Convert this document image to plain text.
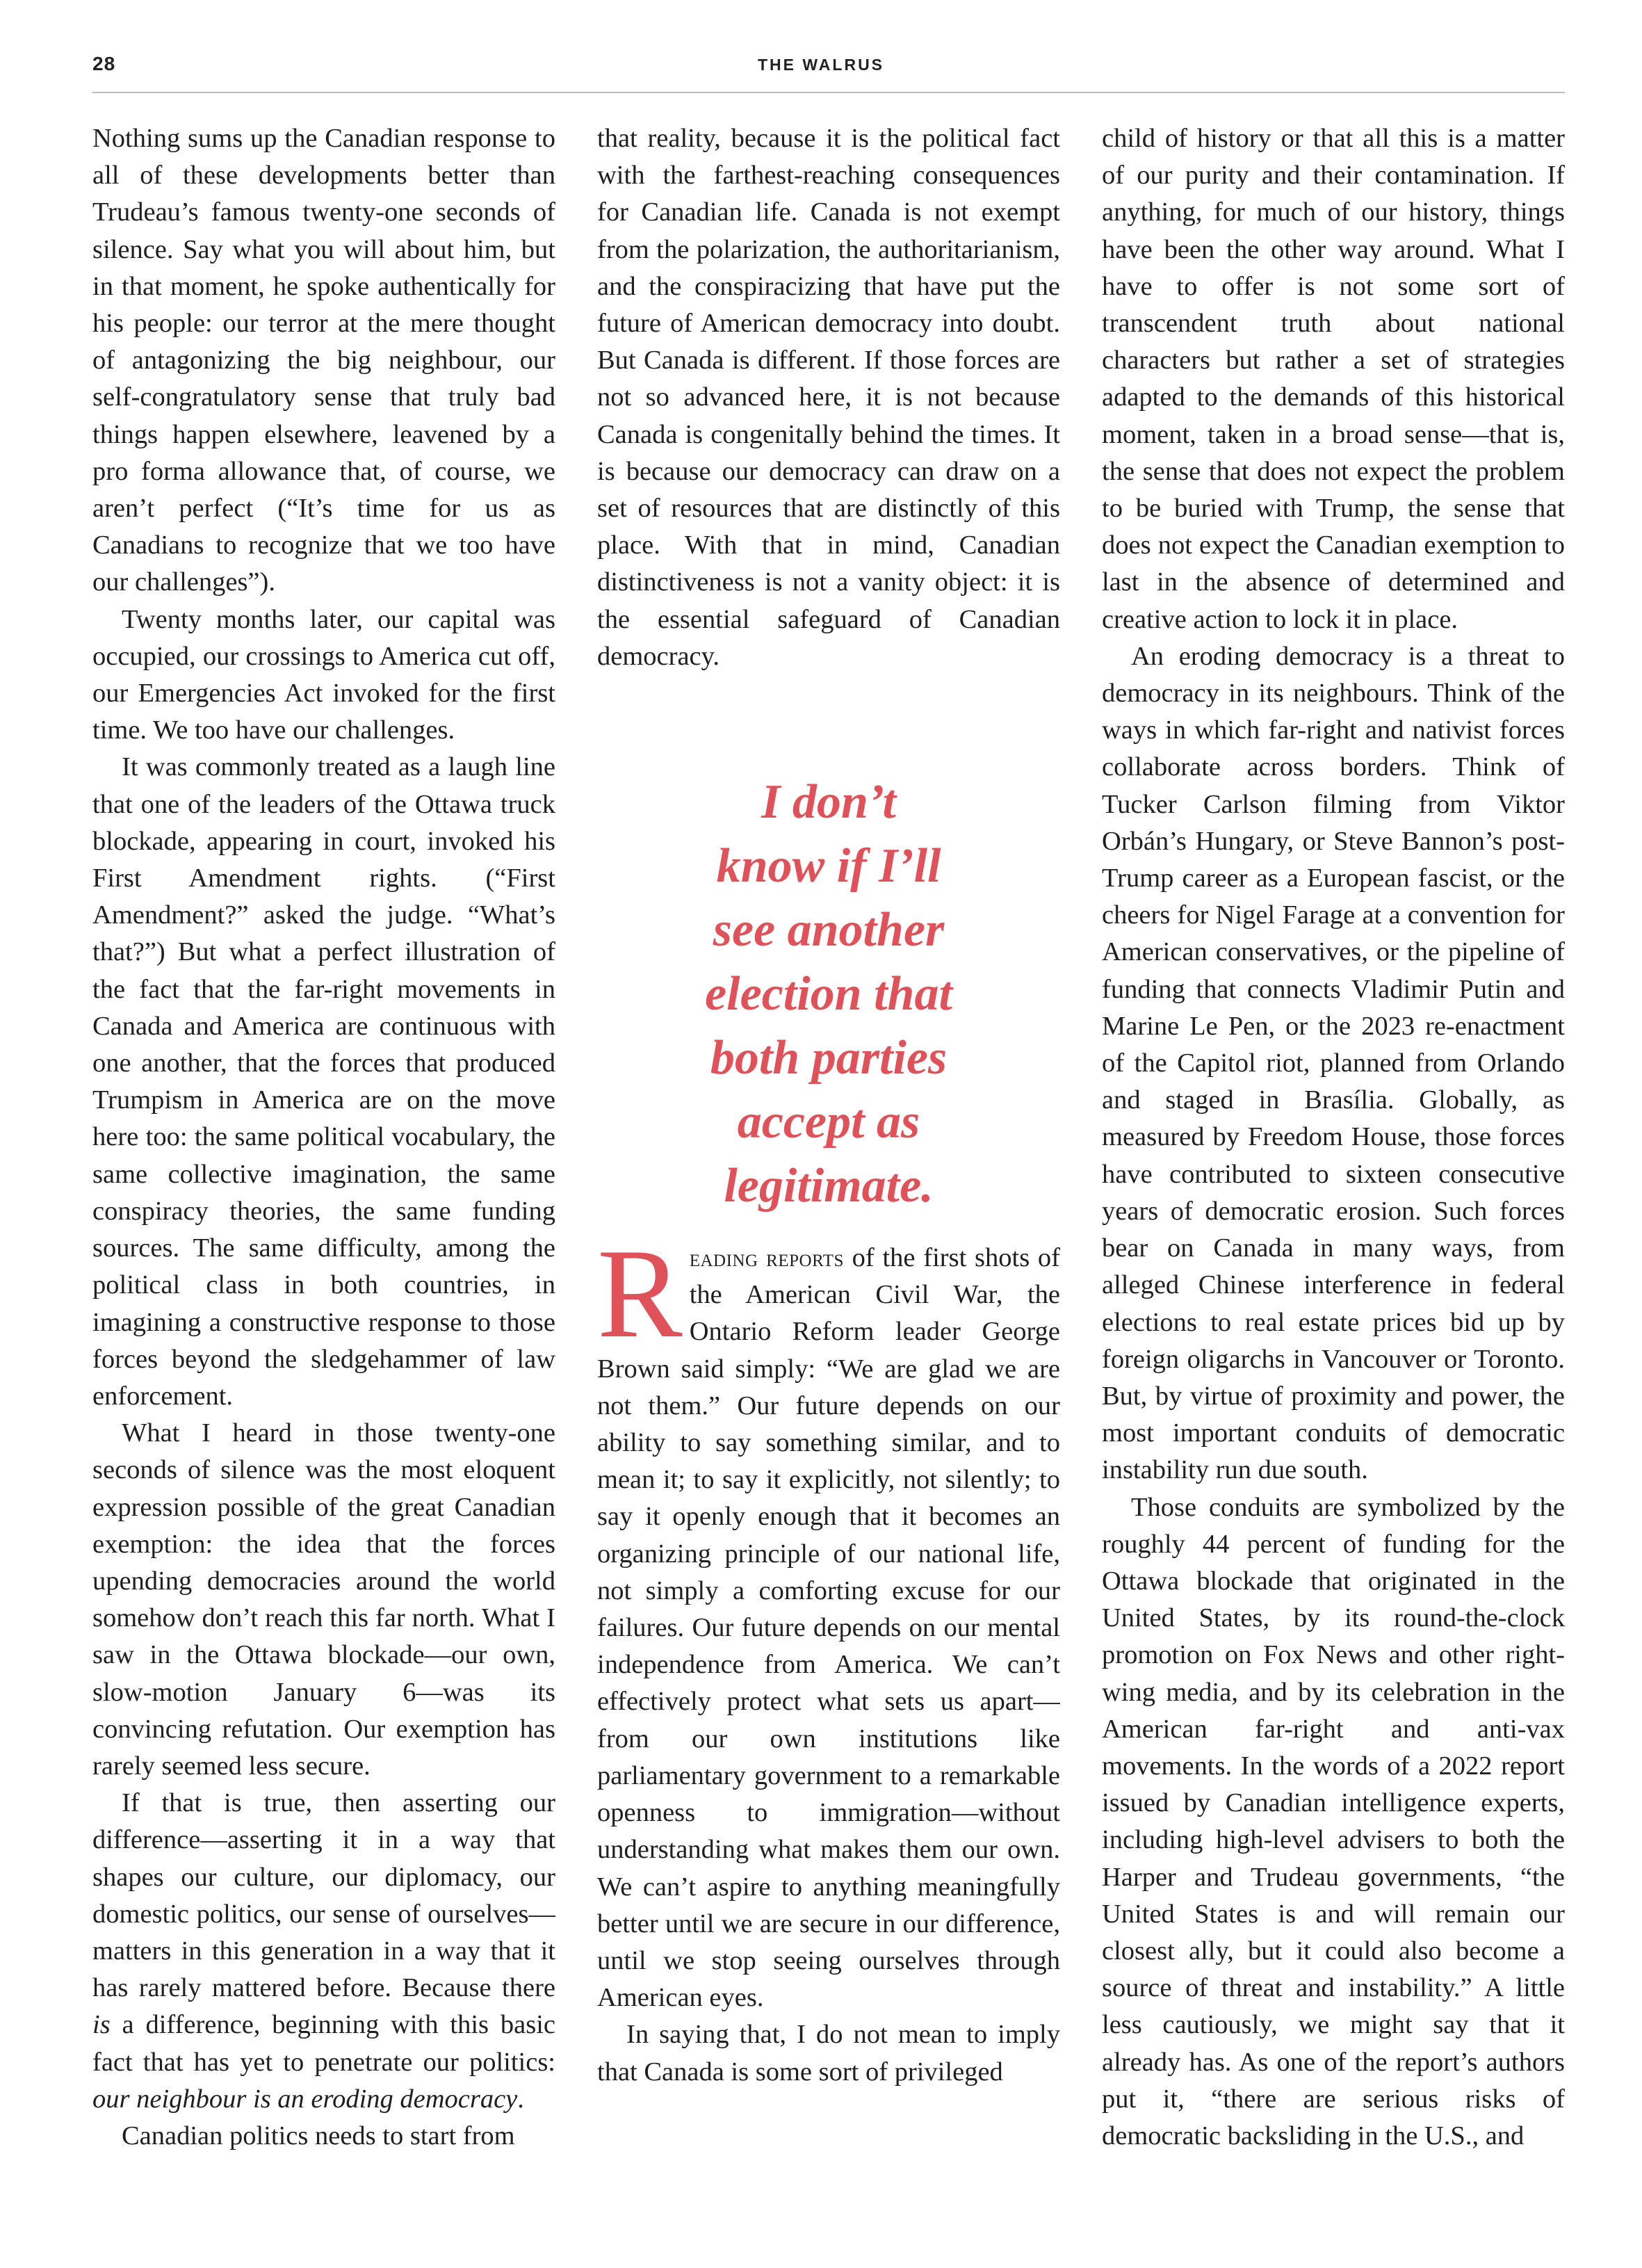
28	THE WALRUS

Nothing sums up the Canadian response to all of these developments better than Trudeau’s famous twenty-one seconds of silence. Say what you will about him, but in that moment, he spoke authentically for his people: our terror at the mere thought of antagonizing the big neighbour, our self-congratulatory sense that truly bad things happen elsewhere, leavened by a pro forma allowance that, of course, we aren’t perfect (“It’s time for us as Canadians to recognize that we too have our challenges”).

Twenty months later, our capital was occupied, our crossings to America cut off, our Emergencies Act invoked for the first time. We too have our challenges.

It was commonly treated as a laugh line that one of the leaders of the Ottawa truck blockade, appearing in court, invoked his First Amendment rights. (“First Amendment?” asked the judge. “What’s that?”) But what a perfect illustration of the fact that the far-right movements in Canada and America are continuous with one another, that the forces that produced Trumpism in America are on the move here too: the same political vocabulary, the same collective imagination, the same conspiracy theories, the same funding sources. The same difficulty, among the political class in both countries, in imagining a constructive response to those forces beyond the sledgehammer of law enforcement.

What I heard in those twenty-one seconds of silence was the most eloquent expression possible of the great Canadian exemption: the idea that the forces upending democracies around the world somehow don’t reach this far north. What I saw in the Ottawa blockade—our own, slow-motion January 6—was its convincing refutation. Our exemption has rarely seemed less secure.

If that is true, then asserting our difference—asserting it in a way that shapes our culture, our diplomacy, our domestic politics, our sense of ourselves—matters in this generation in a way that it has rarely mattered before. Because there is a difference, beginning with this basic fact that has yet to penetrate our politics: our neighbour is an eroding democracy.

Canadian politics needs to start from

that reality, because it is the political fact with the farthest-reaching consequences for Canadian life. Canada is not exempt from the polarization, the authoritarianism, and the conspiracizing that have put the future of American democracy into doubt. But Canada is different. If those forces are not so advanced here, it is not because Canada is congenitally behind the times. It is because our democracy can draw on a set of resources that are distinctly of this place. With that in mind, Canadian distinctiveness is not a vanity object: it is the essential safeguard of Canadian democracy.

I don’t
know if I’ll
see another
election that
both parties
accept as
legitimate.

Reading reports of the first shots of the American Civil War, the Ontario Reform leader George Brown said simply: “We are glad we are not them.” Our future depends on our ability to say something similar, and to mean it; to say it explicitly, not silently; to say it openly enough that it becomes an organizing principle of our national life, not simply a comforting excuse for our failures. Our future depends on our mental independence from America. We can’t effectively protect what sets us apart—from our own institutions like parliamentary government to a remarkable openness to immigration—without understanding what makes them our own. We can’t aspire to anything meaningfully better until we are secure in our difference, until we stop seeing ourselves through American eyes.

In saying that, I do not mean to imply that Canada is some sort of privileged

child of history or that all this is a matter of our purity and their contamination. If anything, for much of our history, things have been the other way around. What I have to offer is not some sort of transcendent truth about national characters but rather a set of strategies adapted to the demands of this historical moment, taken in a broad sense—that is, the sense that does not expect the problem to be buried with Trump, the sense that does not expect the Canadian exemption to last in the absence of determined and creative action to lock it in place.

An eroding democracy is a threat to democracy in its neighbours. Think of the ways in which far-right and nativist forces collaborate across borders. Think of Tucker Carlson filming from Viktor Orbán’s Hungary, or Steve Bannon’s post-Trump career as a European fascist, or the cheers for Nigel Farage at a convention for American conservatives, or the pipeline of funding that connects Vladimir Putin and Marine Le Pen, or the 2023 re-enactment of the Capitol riot, planned from Orlando and staged in Brasília. Globally, as measured by Freedom House, those forces have contributed to sixteen consecutive years of democratic erosion. Such forces bear on Canada in many ways, from alleged Chinese interference in federal elections to real estate prices bid up by foreign oligarchs in Vancouver or Toronto. But, by virtue of proximity and power, the most important conduits of democratic instability run due south.

Those conduits are symbolized by the roughly 44 percent of funding for the Ottawa blockade that originated in the United States, by its round-the-clock promotion on Fox News and other right-wing media, and by its celebration in the American far-right and anti-vax movements. In the words of a 2022 report issued by Canadian intelligence experts, including high-level advisers to both the Harper and Trudeau governments, “the United States is and will remain our closest ally, but it could also become a source of threat and instability.” A little less cautiously, we might say that it already has. As one of the report’s authors put it, “there are serious risks of democratic backsliding in the U.S., and
